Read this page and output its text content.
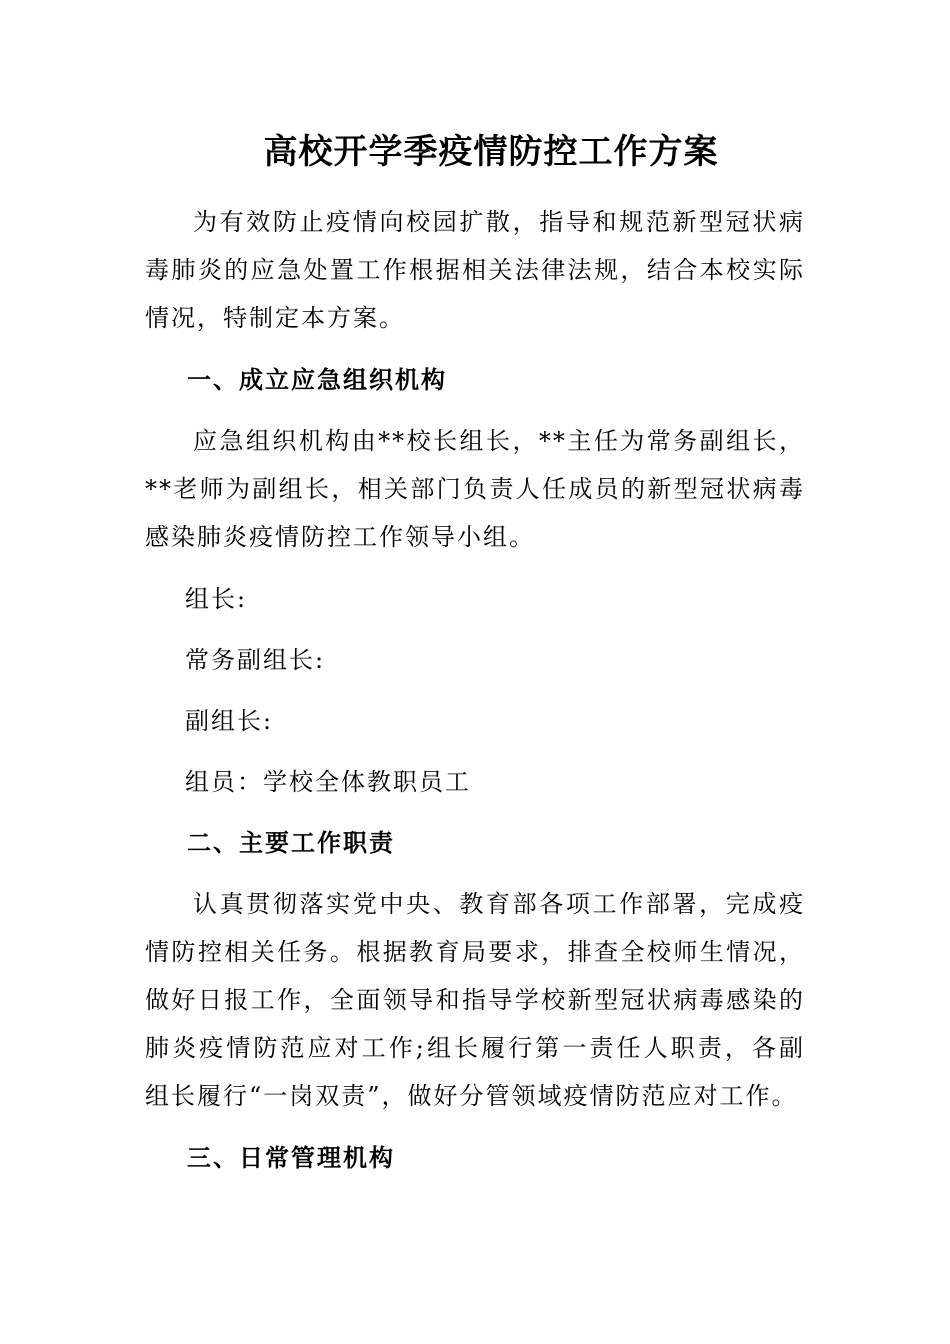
高校开学季疫情防控工作方案

为有效防止疫情向校园扩散，指导和规范新型冠状病毒肺炎的应急处置工作根据相关法律法规，结合本校实际情况，特制定本方案。

一、成立应急组织机构

应急组织机构由**校长组长，**主任为常务副组长，**老师为副组长，相关部门负责人任成员的新型冠状病毒感染肺炎疫情防控工作领导小组。

组长:

常务副组长:

副组长:

组员：学校全体教职员工

二、主要工作职责

认真贯彻落实党中央、教育部各项工作部署，完成疫情防控相关任务。根据教育局要求，排查全校师生情况，做好日报工作，全面领导和指导学校新型冠状病毒感染的肺炎疫情防范应对工作;组长履行第一责任人职责，各副组长履行“一岗双责”，做好分管领域疫情防范应对工作。

三、日常管理机构
